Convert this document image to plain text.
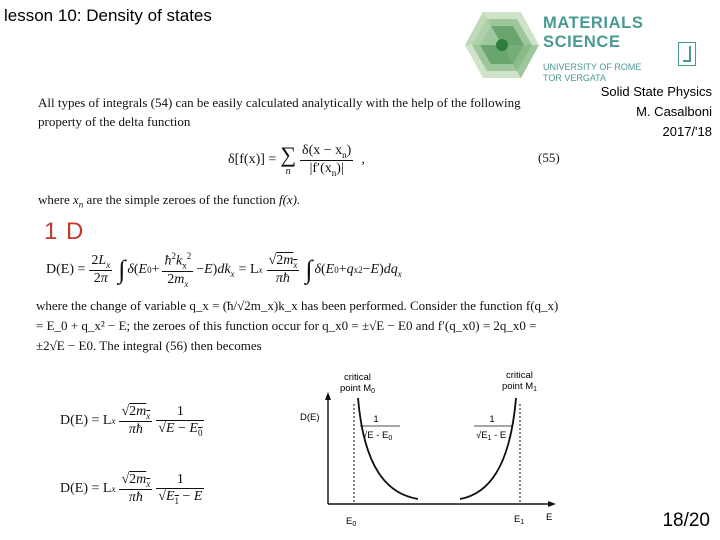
lesson 10: Density of states	MATERIALS SCIENCE
UNIVERSITY OF ROME
TOR VERGATA
Solid State Physics
M. Casalboni
2017/'18
All types of integrals (54) can be easily calculated analytically with the help of the following property of the delta function
δ[f(x)] = ∑
n $\frac{\delta(x - x_n)}{|f'(x_n)|}$ ,	(55)
where $x_n$ are the simple zeroes of the function f(x).
1 D
$D(E) = \frac{2L_x}{2\pi}$ ∫ δ ( E $0 + \frac{ħ^2k_x^2}{2m_x} - E$ ) $dk_x = L$ x $\frac{√2m_x}{\pi ħ}$ ∫ δ ( E 0 + q x 2 − E ) $dq_x$
where the change of variable q_x = (ħ/√2m_x)k_x has been performed. Consider the function f(q_x) = E_0 + q_x² − E; the zeroes of this function occur for q_x0 = ±√E − E0 and f′(q_x0) = 2q_x0 = ±2√E − E0. The integral (56) then becomes
D(E) = L x $\frac{√2m_x}{\pi ħ} \frac{1}{√E - E_0}$
D(E) = L x $\frac{√2m_x}{\pi ħ} \frac{1}{√E_1 - E}$
D(E)
E
$E_0$	$E_1$
critical
point $M_0$
critical
point $M_1$
1
$√E - E_0$
1
$√E_1$ - E
18/20
